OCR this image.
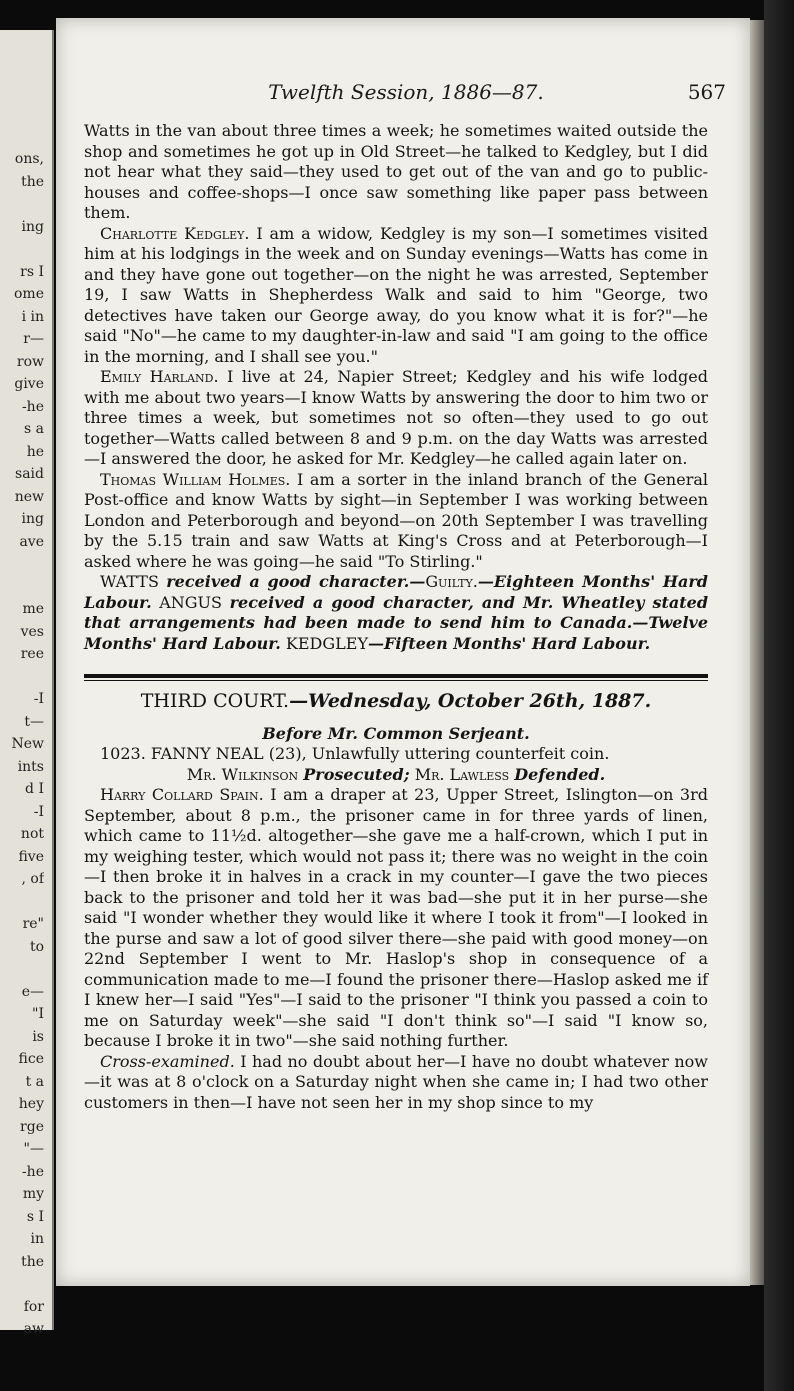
ons,
the
ing
rs I
ome
i in
r—
row
give
-he
s a
he
said
new
ing
ave
me
ves
ree
-I
t—
New
ints
d I
-I
not
five
, of
re"
to
e—
"I
is
fice
t a
hey
rge
"—
-he
my
s I
in
the
for
aw
Twelfth Session, 1886—87.	567

Watts in the van about three times a week; he sometimes waited outside the shop and sometimes he got up in Old Street—he talked to Kedgley, but I did not hear what they said—they used to get out of the van and go to public-houses and coffee-shops—I once saw something like paper pass between them.

Charlotte Kedgley. I am a widow, Kedgley is my son—I sometimes visited him at his lodgings in the week and on Sunday evenings—Watts has come in and they have gone out together—on the night he was arrested, September 19, I saw Watts in Shepherdess Walk and said to him "George, two detectives have taken our George away, do you know what it is for?"—he said "No"—he came to my daughter-in-law and said "I am going to the office in the morning, and I shall see you."

Emily Harland. I live at 24, Napier Street; Kedgley and his wife lodged with me about two years—I know Watts by answering the door to him two or three times a week, but sometimes not so often—they used to go out together—Watts called between 8 and 9 p.m. on the day Watts was arrested—I answered the door, he asked for Mr. Kedgley—he called again later on.

Thomas William Holmes. I am a sorter in the inland branch of the General Post-office and know Watts by sight—in September I was working between London and Peterborough and beyond—on 20th September I was travelling by the 5.15 train and saw Watts at King's Cross and at Peterborough—I asked where he was going—he said "To Stirling."

WATTS received a good character.—Guilty.—Eighteen Months' Hard Labour. ANGUS received a good character, and Mr. Wheatley stated that arrangements had been made to send him to Canada.—Twelve Months' Hard Labour. KEDGLEY—Fifteen Months' Hard Labour.

THIRD COURT.—Wednesday, October 26th, 1887.

Before Mr. Common Serjeant.

1023. FANNY NEAL (23), Unlawfully uttering counterfeit coin.

Mr. Wilkinson Prosecuted; Mr. Lawless Defended.

Harry Collard Spain. I am a draper at 23, Upper Street, Islington—on 3rd September, about 8 p.m., the prisoner came in for three yards of linen, which came to 11½d. altogether—she gave me a half-crown, which I put in my weighing tester, which would not pass it; there was no weight in the coin—I then broke it in halves in a crack in my counter—I gave the two pieces back to the prisoner and told her it was bad—she put it in her purse—she said "I wonder whether they would like it where I took it from"—I looked in the purse and saw a lot of good silver there—she paid with good money—on 22nd September I went to Mr. Haslop's shop in consequence of a communication made to me—I found the prisoner there—Haslop asked me if I knew her—I said "Yes"—I said to the prisoner "I think you passed a coin to me on Saturday week"—she said "I don't think so"—I said "I know so, because I broke it in two"—she said nothing further.

Cross-examined. I had no doubt about her—I have no doubt whatever now—it was at 8 o'clock on a Saturday night when she came in; I had two other customers in then—I have not seen her in my shop since to my
